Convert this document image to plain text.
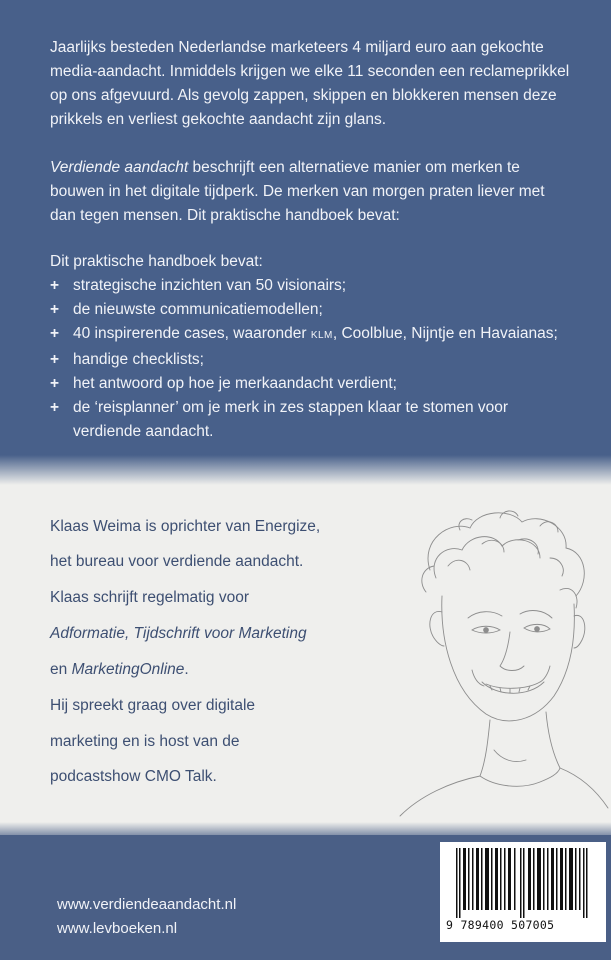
Jaarlijks besteden Nederlandse marketeers 4 miljard euro aan gekochte media-aandacht. Inmiddels krijgen we elke 11 seconden een reclameprikkel op ons afgevuurd. Als gevolg zappen, skippen en blokkeren mensen deze prikkels en verliest gekochte aandacht zijn glans.

Verdiende aandacht beschrijft een alternatieve manier om merken te bouwen in het digitale tijdperk. De merken van morgen praten liever met dan tegen mensen. Dit praktische handboek bevat:

Dit praktische handboek bevat:
+ strategische inzichten van 50 visionairs;
+ de nieuwste communicatiemodellen;
+ 40 inspirerende cases, waaronder KLM, Coolblue, Nijntje en Havaianas;
+ handige checklists;
+ het antwoord op hoe je merkaandacht verdient;
+ de ‘reisplanner’ om je merk in zes stappen klaar te stomen voor verdiende aandacht.
Klaas Weima is oprichter van Energize,
het bureau voor verdiende aandacht.
Klaas schrijft regelmatig voor
Adformatie, Tijdschrift voor Marketing
en MarketingOnline.
Hij spreekt graag over digitale
marketing en is host van de
podcastshow CMO Talk.
www.verdiendeaandacht.nl
www.levboeken.nl	9 789400 507005
